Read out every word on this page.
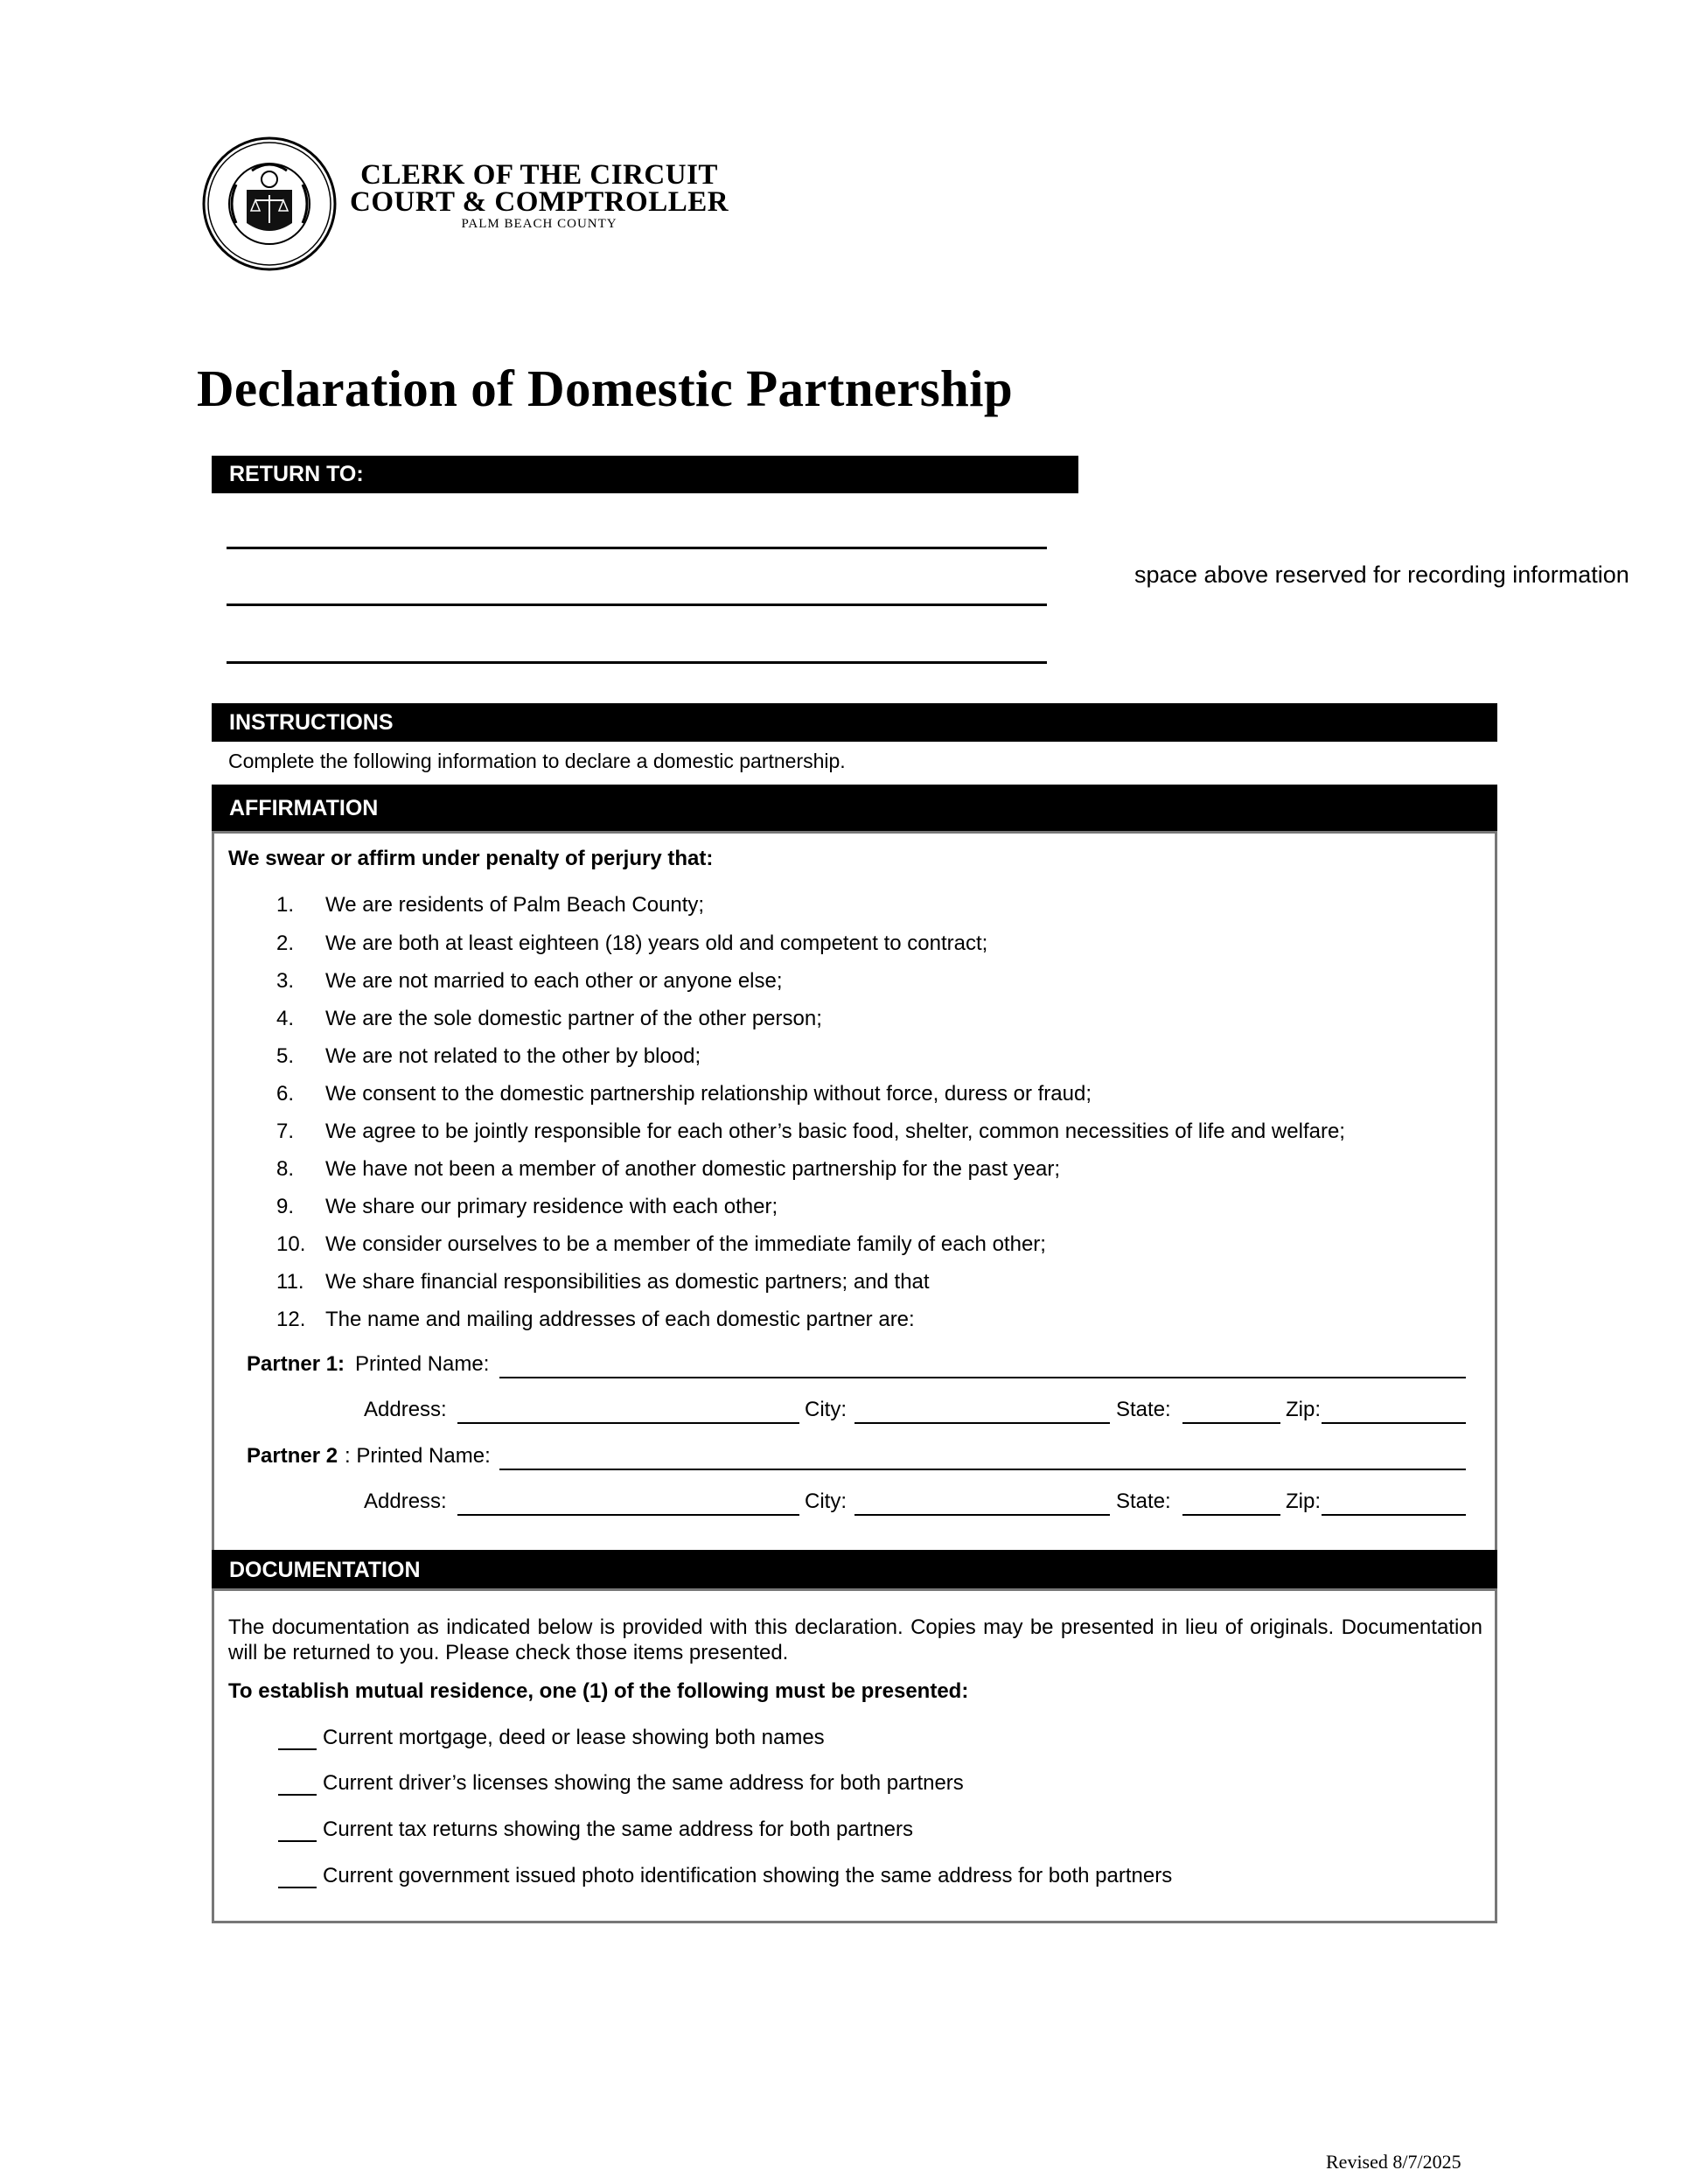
CLERK OF THE CIRCUIT
COURT & COMPTROLLER
PALM BEACH COUNTY
Declaration of Domestic Partnership
RETURN TO:
space above reserved for recording information
INSTRUCTIONS
Complete the following information to declare a domestic partnership.
AFFIRMATION
We swear or affirm under penalty of perjury that:
1.	We are residents of Palm Beach County;
2.	We are both at least eighteen (18) years old and competent to contract;
3.	We are not married to each other or anyone else;
4.	We are the sole domestic partner of the other person;
5.	We are not related to the other by blood;
6.	We consent to the domestic partnership relationship without force, duress or fraud;
7.	We agree to be jointly responsible for each other’s basic food, shelter, common necessities of life and welfare;
8.	We have not been a member of another domestic partnership for the past year;
9.	We share our primary residence with each other;
10. We consider ourselves to be a member of the immediate family of each other;
11.	We share financial responsibilities as domestic partners; and that
12. The name and mailing addresses of each domestic partner are:
Partner 1: Printed Name:
Address:	City:	State:	Zip:
Partner 2 : Printed Name:
Address:	City:	State:	Zip:
DOCUMENTATION
The documentation as indicated below is provided with this declaration. Copies may be presented in lieu of originals. Documentation will be returned to you. Please check those items presented.
To establish mutual residence, one (1) of the following must be presented:
Current mortgage, deed or lease showing both names
Current driver’s licenses showing the same address for both partners
Current tax returns showing the same address for both partners
Current government issued photo identification showing the same address for both partners
Revised 8/7/2025
